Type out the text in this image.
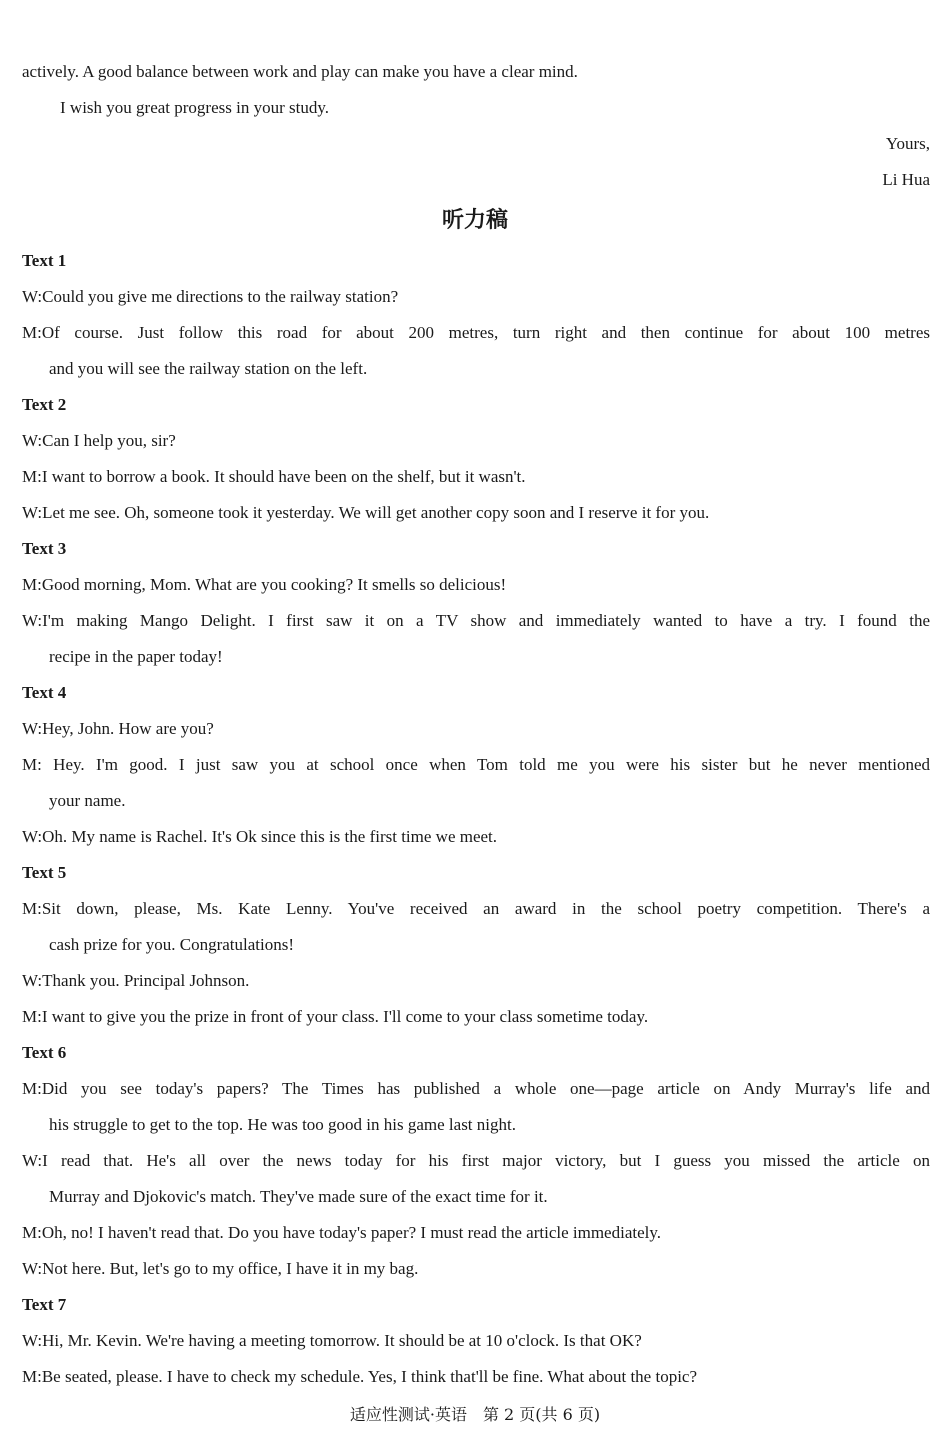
actively. A good balance between work and play can make you have a clear mind.
I wish you great progress in your study.
Yours,
Li Hua
听力稿
Text 1
W:Could you give me directions to the railway station?
M:Of course. Just follow this road for about 200 metres, turn right and then continue for about 100 metres
and you will see the railway station on the left.
Text 2
W:Can I help you, sir?
M:I want to borrow a book. It should have been on the shelf, but it wasn't.
W:Let me see. Oh, someone took it yesterday. We will get another copy soon and I reserve it for you.
Text 3
M:Good morning, Mom. What are you cooking? It smells so delicious!
W:I'm making Mango Delight. I first saw it on a TV show and immediately wanted to have a try. I found the
recipe in the paper today!
Text 4
W:Hey, John. How are you?
M: Hey. I'm good. I just saw you at school once when Tom told me you were his sister but he never mentioned
your name.
W:Oh. My name is Rachel. It's Ok since this is the first time we meet.
Text 5
M:Sit down, please, Ms. Kate Lenny. You've received an award in the school poetry competition. There's a
cash prize for you. Congratulations!
W:Thank you. Principal Johnson.
M:I want to give you the prize in front of your class. I'll come to your class sometime today.
Text 6
M:Did you see today's papers? The Times has published a whole one—page article on Andy Murray's life and
his struggle to get to the top. He was too good in his game last night.
W:I read that. He's all over the news today for his first major victory, but I guess you missed the article on
Murray and Djokovic's match. They've made sure of the exact time for it.
M:Oh, no! I haven't read that. Do you have today's paper? I must read the article immediately.
W:Not here. But, let's go to my office, I have it in my bag.
Text 7
W:Hi, Mr. Kevin. We're having a meeting tomorrow. It should be at 10 o'clock. Is that OK?
M:Be seated, please. I have to check my schedule. Yes, I think that'll be fine. What about the topic?
适应性测试·英语　第 2 页(共 6 页)
